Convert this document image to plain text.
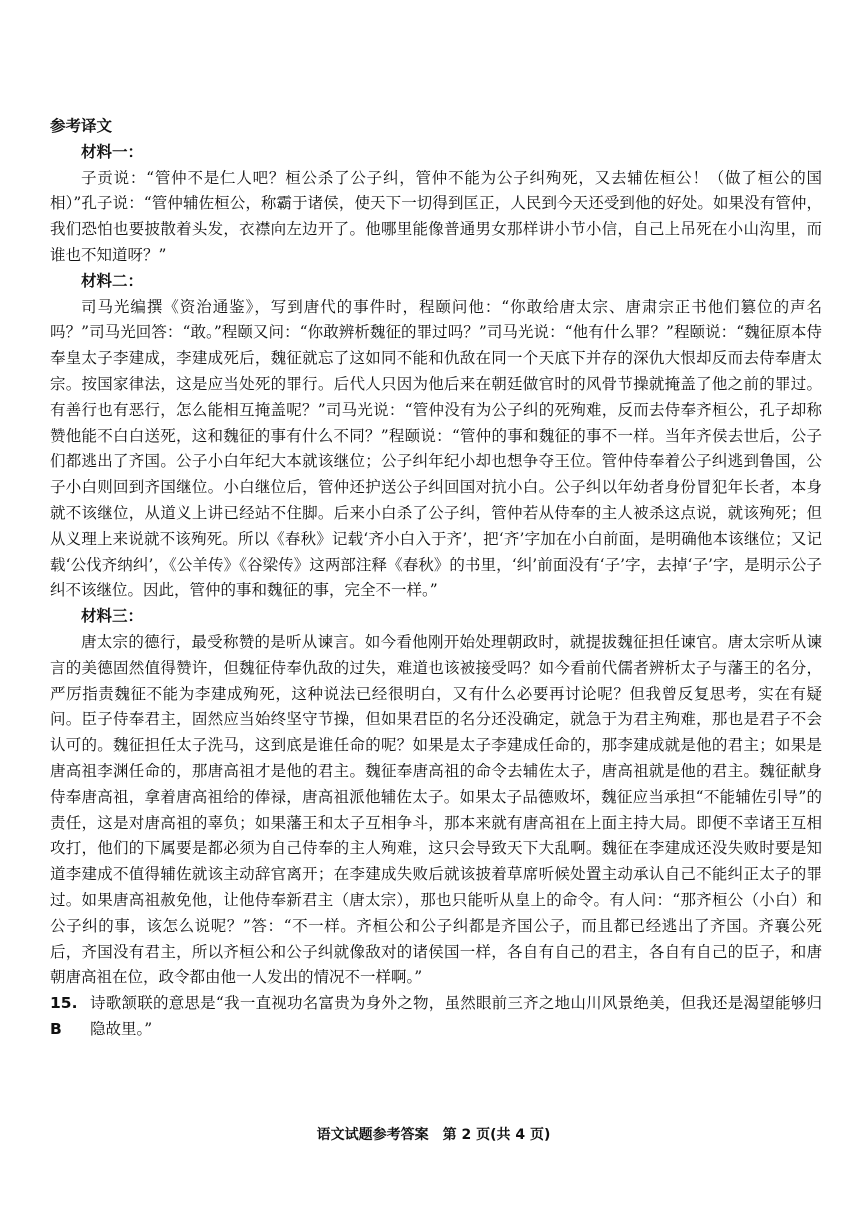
参考译文
材料一：

子贡说：“管仲不是仁人吧？桓公杀了公子纠，管仲不能为公子纠殉死，又去辅佐桓公！（做了桓公的国相）”孔子说：“管仲辅佐桓公，称霸于诸侯，使天下一切得到匡正，人民到今天还受到他的好处。如果没有管仲，我们恐怕也要披散着头发，衣襟向左边开了。他哪里能像普通男女那样讲小节小信，自己上吊死在小山沟里，而谁也不知道呀？”

材料二：

司马光编撰《资治通鉴》，写到唐代的事件时，程颐问他：“你敢给唐太宗、唐肃宗正书他们篡位的声名吗？”司马光回答：“敢。”程颐又问：“你敢辨析魏征的罪过吗？”司马光说：“他有什么罪？”程颐说：“魏征原本侍奉皇太子李建成，李建成死后，魏征就忘了这如同不能和仇敌在同一个天底下并存的深仇大恨却反而去侍奉唐太宗。按国家律法，这是应当处死的罪行。后代人只因为他后来在朝廷做官时的风骨节操就掩盖了他之前的罪过。有善行也有恶行，怎么能相互掩盖呢？”司马光说：“管仲没有为公子纠的死殉难，反而去侍奉齐桓公，孔子却称赞他能不白白送死，这和魏征的事有什么不同？”程颐说：“管仲的事和魏征的事不一样。当年齐侯去世后，公子们都逃出了齐国。公子小白年纪大本就该继位；公子纠年纪小却也想争夺王位。管仲侍奉着公子纠逃到鲁国，公子小白则回到齐国继位。小白继位后，管仲还护送公子纠回国对抗小白。公子纠以年幼者身份冒犯年长者，本身就不该继位，从道义上讲已经站不住脚。后来小白杀了公子纠，管仲若从侍奉的主人被杀这点说，就该殉死；但从义理上来说就不该殉死。所以《春秋》记载‘齐小白入于齐’，把‘齐’字加在小白前面，是明确他本该继位；又记载‘公伐齐纳纠’，《公羊传》《谷梁传》这两部注释《春秋》的书里，‘纠’前面没有‘子’字，去掉‘子’字，是明示公子纠不该继位。因此，管仲的事和魏征的事，完全不一样。”

材料三：

唐太宗的德行，最受称赞的是听从谏言。如今看他刚开始处理朝政时，就提拔魏征担任谏官。唐太宗听从谏言的美德固然值得赞许，但魏征侍奉仇敌的过失，难道也该被接受吗？如今看前代儒者辨析太子与藩王的名分，严厉指责魏征不能为李建成殉死，这种说法已经很明白，又有什么必要再讨论呢？但我曾反复思考，实在有疑问。臣子侍奉君主，固然应当始终坚守节操，但如果君臣的名分还没确定，就急于为君主殉难，那也是君子不会认可的。魏征担任太子洗马，这到底是谁任命的呢？如果是太子李建成任命的，那李建成就是他的君主；如果是唐高祖李渊任命的，那唐高祖才是他的君主。魏征奉唐高祖的命令去辅佐太子，唐高祖就是他的君主。魏征献身侍奉唐高祖，拿着唐高祖给的俸禄，唐高祖派他辅佐太子。如果太子品德败坏，魏征应当承担“不能辅佐引导”的责任，这是对唐高祖的辜负；如果藩王和太子互相争斗，那本来就有唐高祖在上面主持大局。即便不幸诸王互相攻打，他们的下属要是都必须为自己侍奉的主人殉难，这只会导致天下大乱啊。魏征在李建成还没失败时要是知道李建成不值得辅佐就该主动辞官离开；在李建成失败后就该披着草席听候处置主动承认自己不能纠正太子的罪过。如果唐高祖赦免他，让他侍奉新君主（唐太宗），那也只能听从皇上的命令。有人问：“那齐桓公（小白）和公子纠的事，该怎么说呢？”答：“不一样。齐桓公和公子纠都是齐国公子，而且都已经逃出了齐国。齐襄公死后，齐国没有君主，所以齐桓公和公子纠就像敌对的诸侯国一样，各自有自己的君主，各自有自己的臣子，和唐朝唐高祖在位，政令都由他一人发出的情况不一样啊。”

15. B
诗歌颔联的意思是“我一直视功名富贵为身外之物，虽然眼前三齐之地山川风景绝美，但我还是渴望能够归隐故里。”
语文试题参考答案　第 2 页(共 4 页)
